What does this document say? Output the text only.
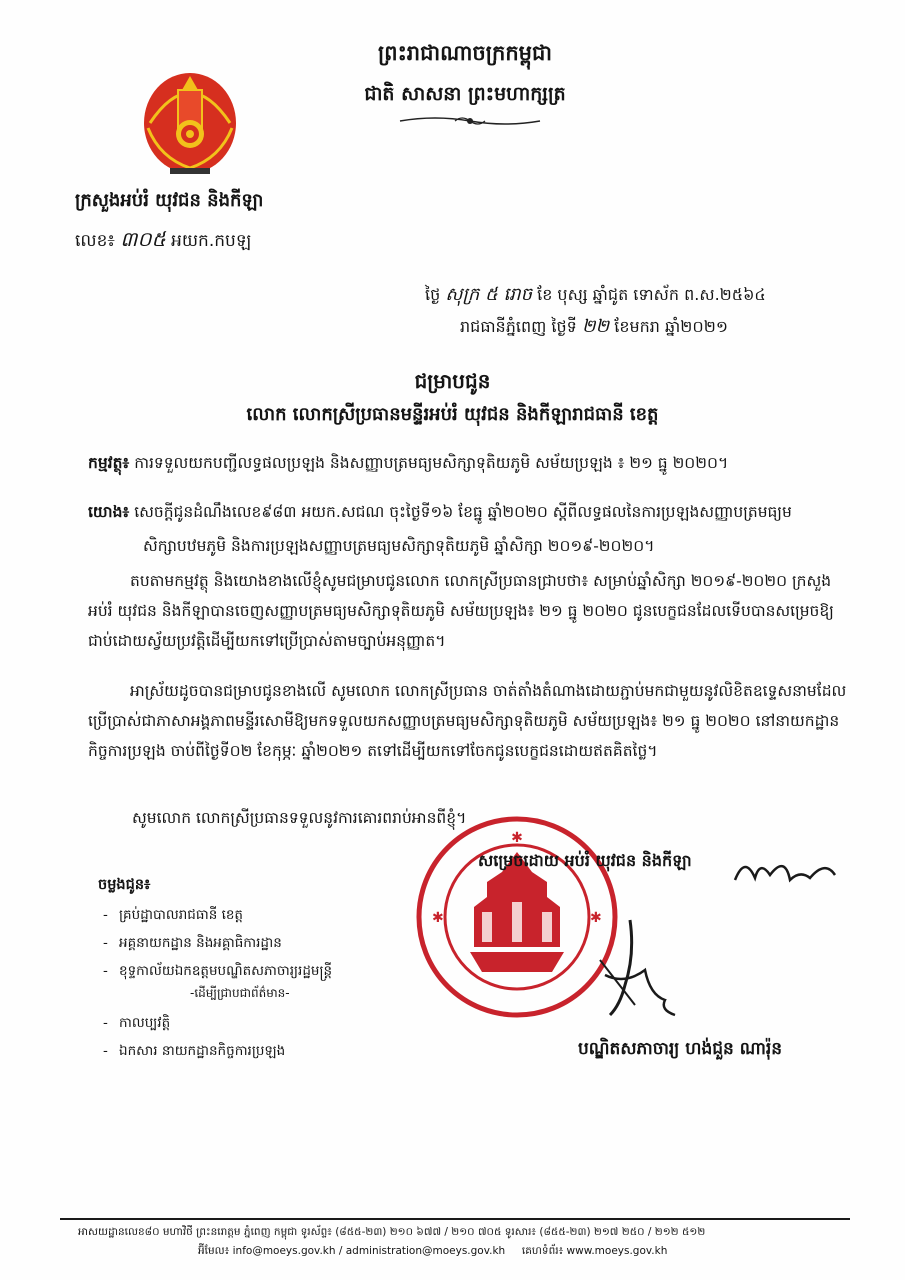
ព្រះរាជាណាចក្រកម្ពុជា
ជាតិ សាសនា ព្រះមហាក្សត្រ
ក្រសួងអប់រំ យុវជន និងកីឡា
លេខ៖ ៣០៥ អយក.កបឡ
ថ្ងៃ សុក្រ ៥ រោច ខែ បុស្ស ឆ្នាំជូត ទោស័ក ព.ស.២៥៦៤
រាជធានីភ្នំពេញ ថ្ងៃទី ២២ ខែមករា ឆ្នាំ២០២១
ជម្រាបជូន
លោក លោកស្រីប្រធានមន្ទីរអប់រំ យុវជន និងកីឡារាជធានី ខេត្ត
កម្មវត្ថុ៖ ការទទួលយកបញ្ជីលទ្ធផលប្រឡង និងសញ្ញាបត្រមធ្យមសិក្សាទុតិយភូមិ សម័យប្រឡង ៖ ២១ ធ្នូ ២០២០។
យោង៖ សេចក្តីជូនដំណឹងលេខ៩៨៣ អយក.សជណ ចុះថ្ងៃទី១៦ ខែធ្នូ ឆ្នាំ២០២០ ស្តីពីលទ្ធផលនៃការប្រឡងសញ្ញាបត្រមធ្យម
សិក្សាបឋមភូមិ និងការប្រឡងសញ្ញាបត្រមធ្យមសិក្សាទុតិយភូមិ ឆ្នាំសិក្សា ២០១៩-២០២០។
តបតាមកម្មវត្ថុ និងយោងខាងលើខ្ញុំសូមជម្រាបជូនលោក លោកស្រីប្រធានជ្រាបថា៖ សម្រាប់ឆ្នាំសិក្សា ២០១៩-២០២០ ក្រសួងអប់រំ យុវជន និងកីឡាបានចេញសញ្ញាបត្រមធ្យមសិក្សាទុតិយភូមិ សម័យប្រឡង៖ ២១ ធ្នូ ២០២០ ជូនបេក្ខជនដែលទើបបានសម្រេចឱ្យជាប់ដោយស្វ័យប្រវត្តិដើម្បីយកទៅប្រើប្រាស់តាមច្បាប់អនុញ្ញាត។
អាស្រ័យដូចបានជម្រាបជូនខាងលើ សូមលោក លោកស្រីប្រធាន ចាត់តាំងតំណាងដោយភ្ជាប់មកជាមួយនូវលិខិតឧទ្ទេសនាមដែលប្រើប្រាស់ជាភាសាអង្គភាពមន្ទីរសោមីឱ្យមកទទួលយកសញ្ញាបត្រមធ្យមសិក្សាទុតិយភូមិ សម័យប្រឡង៖ ២១ ធ្នូ ២០២០ នៅនាយកដ្ឋានកិច្ចការប្រឡង ចាប់ពីថ្ងៃទី០២ ខែកុម្ភៈ ឆ្នាំ២០២១ តទៅដើម្បីយកទៅចែកជូនបេក្ខជនដោយឥតគិតថ្លៃ។
សូមលោក លោកស្រីប្រធានទទួលនូវការគោរពរាប់អានពីខ្ញុំ។
✱
✱	✱
សម្រេចដោយ អប់រំ យុវជន និងកីឡា
បណ្ឌិតសភាចារ្យ ហង់ជួន ណារ៉ុន
ចម្លងជូន៖
- គ្រប់ដ្ឋាបាលរាជធានី ខេត្ត
- អគ្គនាយកដ្ឋាន និងអគ្គាធិការដ្ឋាន
- ខុទ្ទកាល័យឯកឧត្តមបណ្ឌិតសភាចារ្យរដ្ឋមន្ត្រី
-ដើម្បីជ្រាបជាព័ត៌មាន-
- កាលប្បវត្តិ
- ឯកសារ នាយកដ្ឋានកិច្ចការប្រឡង
អាសយដ្ឋានលេខ៨០ មហាវិថី ព្រះនរោត្តម ភ្នំពេញ កម្ពុជា ទូរស័ព្ទ៖ (៨៥៥-២៣) ២១០ ៦៧៧ / ២១០ ៧០៥ ទូរសារ៖ (៨៥៥-២៣) ២១៧ ២៥០ / ២១២ ៥១២
អ៊ីមែល៖ info@moeys.gov.kh / administration@moeys.gov.kh គេហទំព័រ៖ www.moeys.gov.kh
